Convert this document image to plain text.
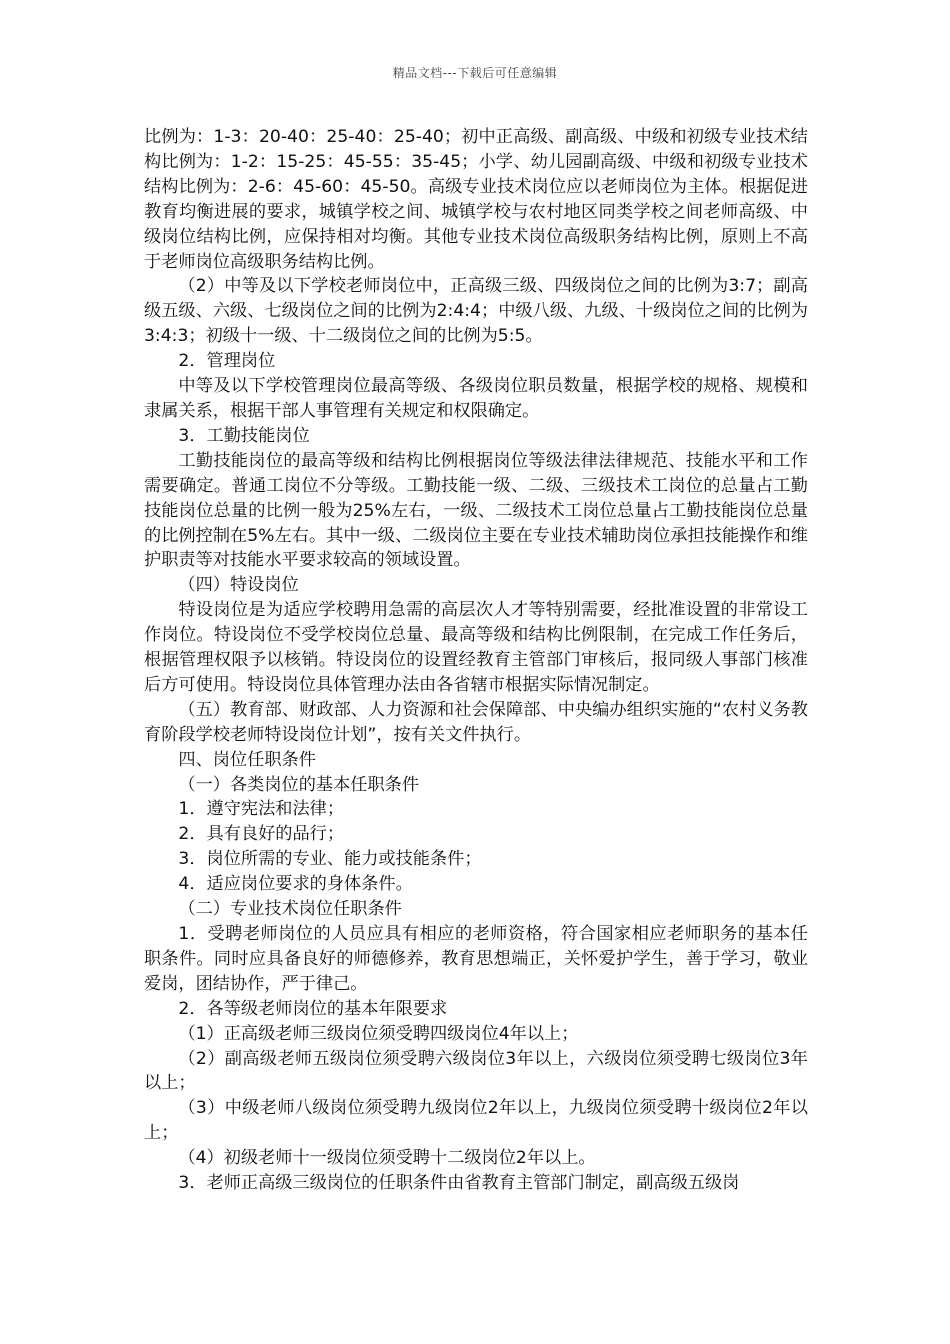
精品文档---下载后可任意编辑

比例为：1-3：20-40：25-40：25-40；初中正高级、副高级、中级和初级专业技术结构比例为：1-2：15-25：45-55：35-45；小学、幼儿园副高级、中级和初级专业技术结构比例为：2-6：45-60：45-50。高级专业技术岗位应以老师岗位为主体。根据促进教育均衡进展的要求，城镇学校之间、城镇学校与农村地区同类学校之间老师高级、中级岗位结构比例，应保持相对均衡。其他专业技术岗位高级职务结构比例，原则上不高于老师岗位高级职务结构比例。

（2）中等及以下学校老师岗位中，正高级三级、四级岗位之间的比例为3:7；副高级五级、六级、七级岗位之间的比例为2:4:4；中级八级、九级、十级岗位之间的比例为3:4:3；初级十一级、十二级岗位之间的比例为5:5。

2．管理岗位

中等及以下学校管理岗位最高等级、各级岗位职员数量，根据学校的规格、规模和隶属关系，根据干部人事管理有关规定和权限确定。

3．工勤技能岗位

工勤技能岗位的最高等级和结构比例根据岗位等级法律法律规范、技能水平和工作需要确定。普通工岗位不分等级。工勤技能一级、二级、三级技术工岗位的总量占工勤技能岗位总量的比例一般为25%左右，一级、二级技术工岗位总量占工勤技能岗位总量的比例控制在5%左右。其中一级、二级岗位主要在专业技术辅助岗位承担技能操作和维护职责等对技能水平要求较高的领域设置。

（四）特设岗位

特设岗位是为适应学校聘用急需的高层次人才等特别需要，经批准设置的非常设工作岗位。特设岗位不受学校岗位总量、最高等级和结构比例限制，在完成工作任务后，根据管理权限予以核销。特设岗位的设置经教育主管部门审核后，报同级人事部门核准后方可使用。特设岗位具体管理办法由各省辖市根据实际情况制定。

（五）教育部、财政部、人力资源和社会保障部、中央编办组织实施的“农村义务教育阶段学校老师特设岗位计划”，按有关文件执行。

四、岗位任职条件

（一）各类岗位的基本任职条件

1．遵守宪法和法律；

2．具有良好的品行；

3．岗位所需的专业、能力或技能条件；

4．适应岗位要求的身体条件。

（二）专业技术岗位任职条件

1．受聘老师岗位的人员应具有相应的老师资格，符合国家相应老师职务的基本任职条件。同时应具备良好的师德修养，教育思想端正，关怀爱护学生，善于学习，敬业爱岗，团结协作，严于律己。

2．各等级老师岗位的基本年限要求

（1）正高级老师三级岗位须受聘四级岗位4年以上；

（2）副高级老师五级岗位须受聘六级岗位3年以上，六级岗位须受聘七级岗位3年以上；

（3）中级老师八级岗位须受聘九级岗位2年以上，九级岗位须受聘十级岗位2年以上；

（4）初级老师十一级岗位须受聘十二级岗位2年以上。

3．老师正高级三级岗位的任职条件由省教育主管部门制定，副高级五级岗
